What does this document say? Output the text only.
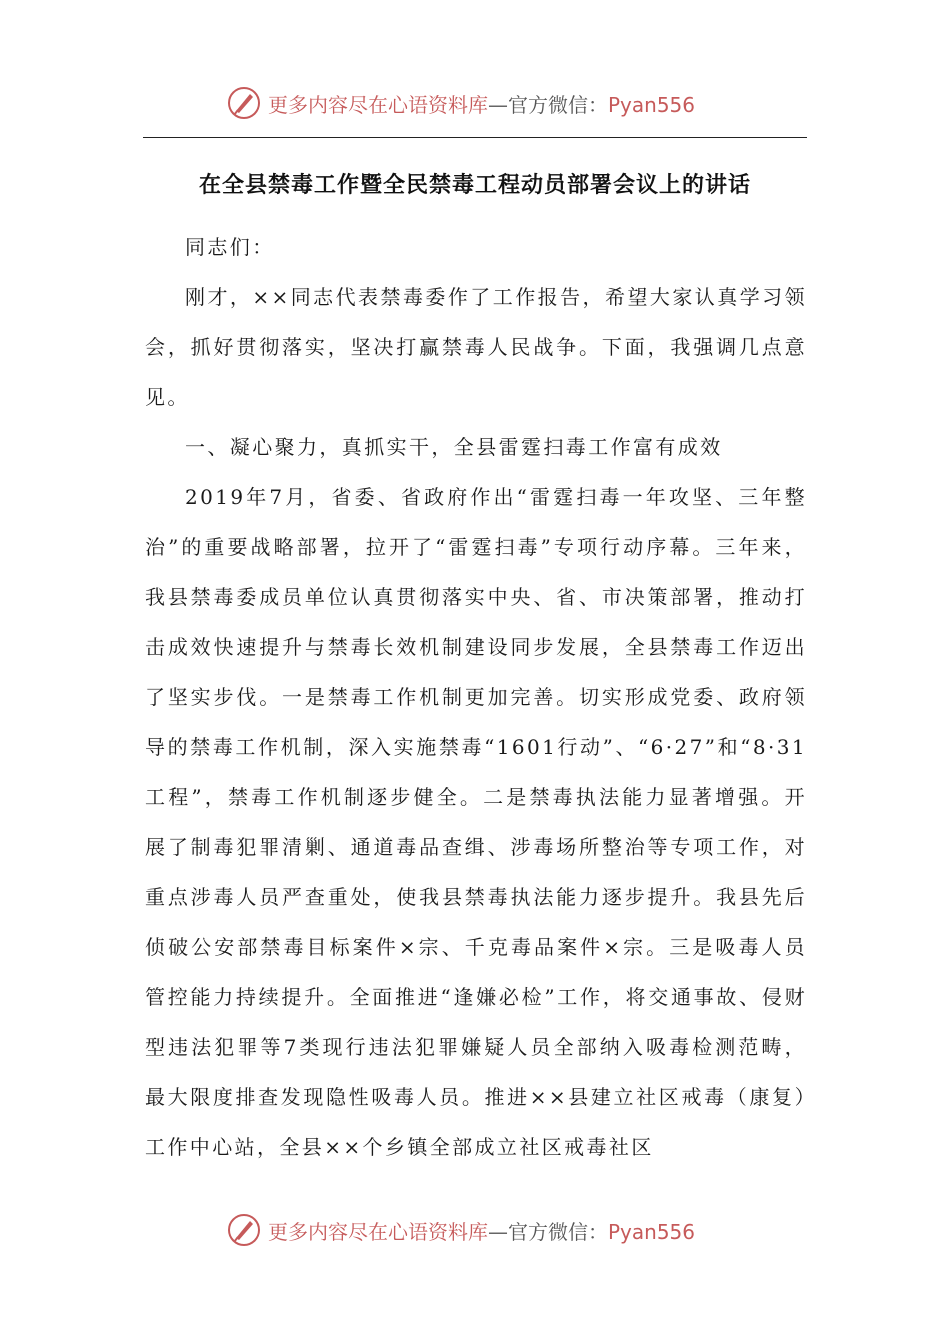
更多内容尽在心语资料库—官方微信：Pyan556
在全县禁毒工作暨全民禁毒工程动员部署会议上的讲话

同志们：

刚才，××同志代表禁毒委作了工作报告，希望大家认真学习领会，抓好贯彻落实，坚决打赢禁毒人民战争。下面，我强调几点意见。

一、凝心聚力，真抓实干，全县雷霆扫毒工作富有成效

2019年7月，省委、省政府作出“雷霆扫毒一年攻坚、三年整治”的重要战略部署，拉开了“雷霆扫毒”专项行动序幕。三年来，我县禁毒委成员单位认真贯彻落实中央、省、市决策部署，推动打击成效快速提升与禁毒长效机制建设同步发展，全县禁毒工作迈出了坚实步伐。一是禁毒工作机制更加完善。切实形成党委、政府领导的禁毒工作机制，深入实施禁毒“1601行动”、“6·27”和“8·31工程”，禁毒工作机制逐步健全。二是禁毒执法能力显著增强。开展了制毒犯罪清剿、通道毒品查缉、涉毒场所整治等专项工作，对重点涉毒人员严查重处，使我县禁毒执法能力逐步提升。我县先后侦破公安部禁毒目标案件×宗、千克毒品案件×宗。三是吸毒人员管控能力持续提升。全面推进“逢嫌必检”工作，将交通事故、侵财型违法犯罪等7类现行违法犯罪嫌疑人员全部纳入吸毒检测范畴，最大限度排查发现隐性吸毒人员。推进××县建立社区戒毒（康复）工作中心站，全县××个乡镇全部成立社区戒毒社区

更多内容尽在心语资料库—官方微信：Pyan556
